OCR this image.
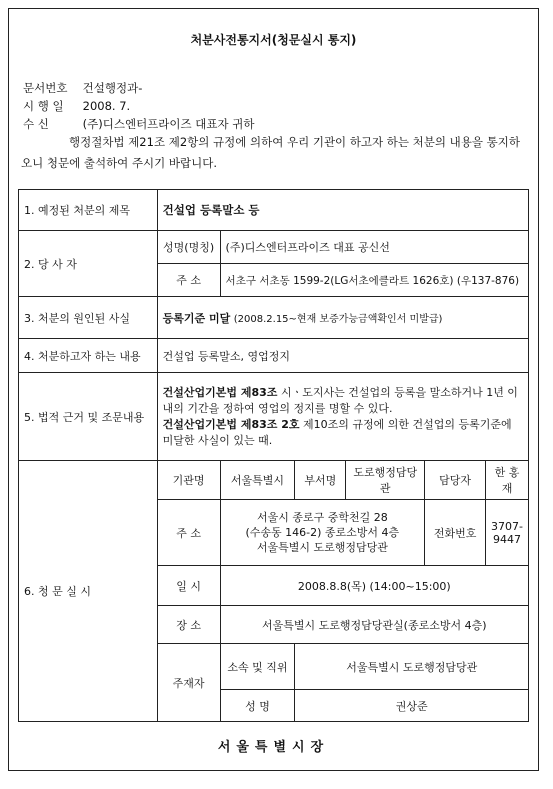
처분사전통지서(청문실시 통지)
문서번호 건설행정과-
시 행 일 2008. 7.
수 신	(주)디스엔터프라이즈 대표자 귀하
행정절차법 제21조 제2항의 규정에 의하여 우리 기관이 하고자 하는 처분의 내용을 통지하오니 청문에 출석하여 주시기 바랍니다.
1. 예정된 처분의 제목	건설업 등록말소 등					
2. 당 사 자	성명(명칭)	(주)디스엔터프라이즈 대표 공신선				
	주 소	서초구 서초동 1599-2(LG서초에클라트 1626호) (우137-876)				
3. 처분의 원인된 사실	등록기준 미달 (2008.2.15~현재 보증가능금액확인서 미발급)					
4. 처분하고자 하는 내용	건설업 등록말소, 영업정지					
5. 법적 근거 및 조문내용	건설산업기본법 제83조 시ㆍ도지사는 건설업의 등록을 말소하거나 1년 이내의 기간을 정하여 영업의 정지를 명할 수 있다.
건설산업기본법 제83조 2호 제10조의 규정에 의한 건설업의 등록기준에 미달한 사실이 있는 때.					

6. 청 문 실 시	기관명	서울특별시	부서명	도로행정담당관	담당자	한 홍 재
	주 소	서울시 종로구 중학천길 28
(수송동 146-2) 종로소방서 4층
서울특별시 도로행정담당관			전화번호	3707-9447
	일 시	2008.8.8(목) (14:00~15:00)				
	장 소	서울특별시 도로행정담당관실(종로소방서 4층)				
	주재자	소속 및 직위	서울특별시 도로행정담당관			
		성 명	권상준			
서울특별시장
